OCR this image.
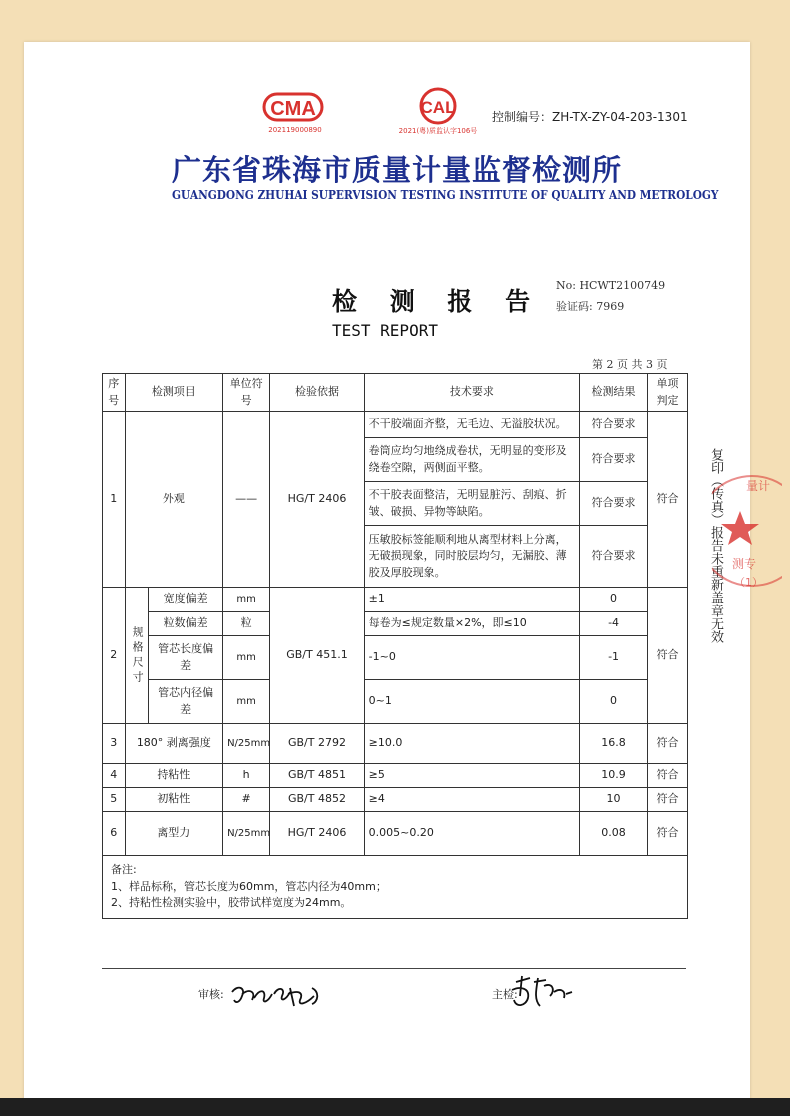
CMA
202119000890
CAL
2021(粤)质监认字106号
控制编号：ZH-TX-ZY-04-203-1301
广东省珠海市质量计量监督检测所
GUANGDONG ZHUHAI SUPERVISION TESTING INSTITUTE OF QUALITY AND METROLOGY
检 测 报 告
TEST REPORT
No: HCWT2100749
验证码: 7969
第 2 页 共 3 页
序号	检测项目		单位符号	检验依据	技术要求	检测结果	单项判定
1	外观		——	HG/T 2406	不干胶端面齐整，无毛边、无溢胶状况。	符合要求	符合
					卷筒应均匀地绕成卷状，无明显的变形及绕卷空隙，两侧面平整。	符合要求	
					不干胶表面整洁，无明显脏污、刮痕、折皱、破损、异物等缺陷。	符合要求	
					压敏胶标签能顺利地从离型材料上分离，无破损现象，同时胶层均匀，无漏胶、薄胶及厚胶现象。	符合要求	
2	规格尺寸	宽度偏差	mm	GB/T 451.1	±1	0	符合
		粒数偏差	粒		每卷为≤规定数量×2%，即≤10	-4	
		管芯长度偏差	mm		-1~0	-1	
		管芯内径偏差	mm		0~1	0	
3	180° 剥离强度		N/25mm	GB/T 2792	≥10.0	16.8	符合
4	持粘性		h	GB/T 4851	≥5	10.9	符合
5	初粘性		#	GB/T 4852	≥4	10	符合
6	离型力		N/25mm	HG/T 2406	0.005~0.20	0.08	符合

备注:
1、样品标称，管芯长度为60mm，管芯内径为40mm；
2、持粘性检测实验中，胶带试样宽度为24mm。							
复印（传真）报告未重新盖章无效 量计
测专
（1）
审核:	主检:
